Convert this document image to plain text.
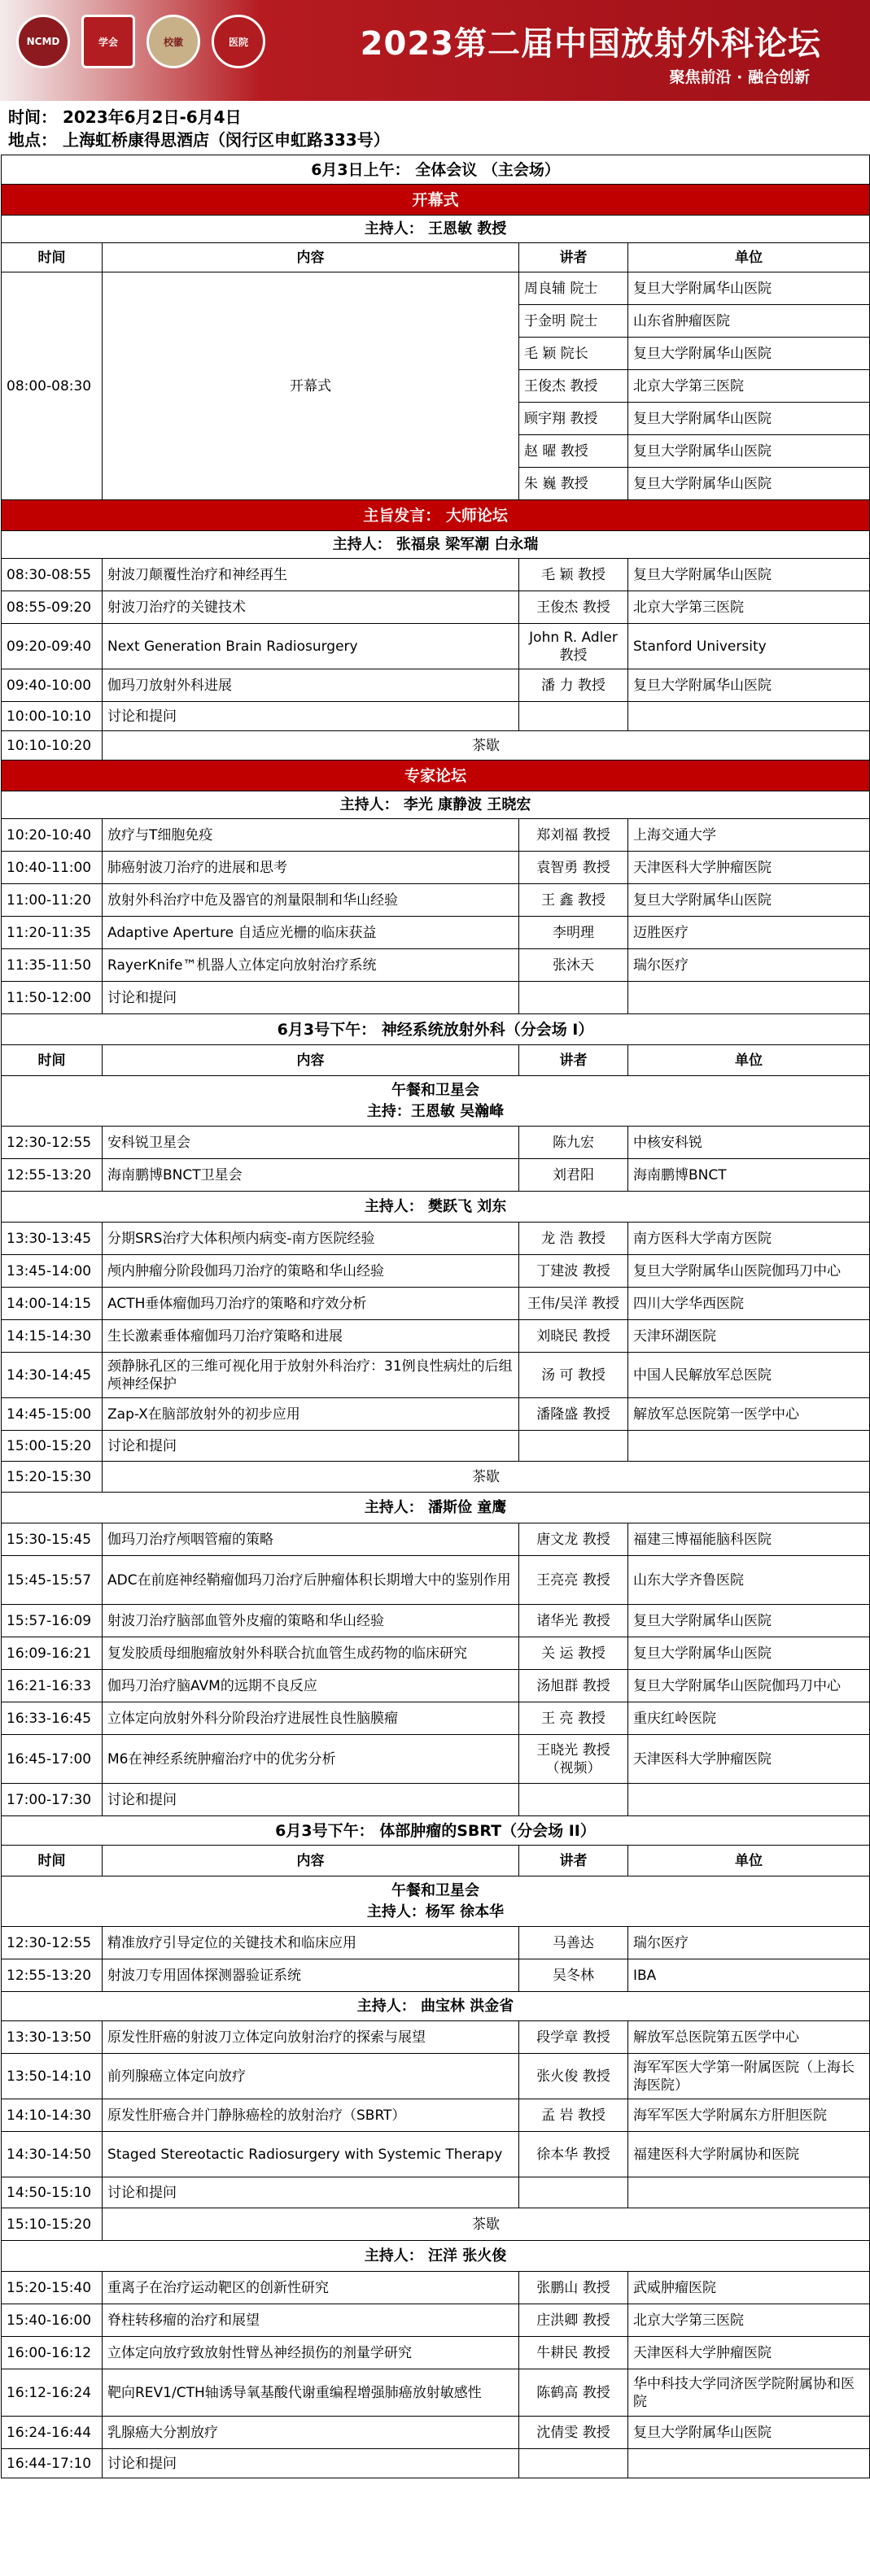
NCMD	学会	校徽	医院	2023第二届中国放射外科论坛
聚焦前沿 · 融合创新
时间： 2023年6月2日-6月4日
地点： 上海虹桥康得思酒店（闵行区申虹路333号）
6月3日上午： 全体会议 （主会场）			
开幕式			
主持人： 王恩敏 教授			
时间	内容	讲者	单位
08:00-08:30	开幕式	周良辅 院士	复旦大学附属华山医院
		于金明 院士	山东省肿瘤医院
		毛 颖 院长	复旦大学附属华山医院
		王俊杰 教授	北京大学第三医院
		顾宇翔 教授	复旦大学附属华山医院
		赵 曜 教授	复旦大学附属华山医院
		朱 巍 教授	复旦大学附属华山医院
主旨发言： 大师论坛			
主持人： 张福泉 梁军潮 白永瑞			
08:30-08:55	射波刀颠覆性治疗和神经再生	毛 颖 教授	复旦大学附属华山医院
08:55-09:20	射波刀治疗的关键技术	王俊杰 教授	北京大学第三医院
09:20-09:40	Next Generation Brain Radiosurgery	John R. Adler 教授	Stanford University
09:40-10:00	伽玛刀放射外科进展	潘 力 教授	复旦大学附属华山医院
10:00-10:10	讨论和提问		
10:10-10:20	茶歇		
专家论坛			
主持人： 李光 康静波 王晓宏			
10:20-10:40	放疗与T细胞免疫	郑刘福 教授	上海交通大学
10:40-11:00	肺癌射波刀治疗的进展和思考	袁智勇 教授	天津医科大学肿瘤医院
11:00-11:20	放射外科治疗中危及器官的剂量限制和华山经验	王 鑫 教授	复旦大学附属华山医院
11:20-11:35	Adaptive Aperture 自适应光栅的临床获益	李明理	迈胜医疗
11:35-11:50	RayerKnife™机器人立体定向放射治疗系统	张沐天	瑞尔医疗
11:50-12:00	讨论和提问		
6月3号下午： 神经系统放射外科（分会场 I）			
时间	内容	讲者	单位

午餐和卫星会
主持：王恩敏 吴瀚峰			

12:30-12:55	安科锐卫星会	陈九宏	中核安科锐
12:55-13:20	海南鹏博BNCT卫星会	刘君阳	海南鹏博BNCT
主持人： 樊跃飞 刘东			
13:30-13:45	分期SRS治疗大体积颅内病变-南方医院经验	龙 浩 教授	南方医科大学南方医院
13:45-14:00	颅内肿瘤分阶段伽玛刀治疗的策略和华山经验	丁建波 教授	复旦大学附属华山医院伽玛刀中心
14:00-14:15	ACTH垂体瘤伽玛刀治疗的策略和疗效分析	王伟/吴洋 教授	四川大学华西医院
14:15-14:30	生长激素垂体瘤伽玛刀治疗策略和进展	刘晓民 教授	天津环湖医院
14:30-14:45	颈静脉孔区的三维可视化用于放射外科治疗：31例良性病灶的后组颅神经保护	汤 可 教授	中国人民解放军总医院
14:45-15:00	Zap-X在脑部放射外的初步应用	潘隆盛 教授	解放军总医院第一医学中心
15:00-15:20	讨论和提问		
15:20-15:30	茶歇		
主持人： 潘斯俭 童鹰			
15:30-15:45	伽玛刀治疗颅咽管瘤的策略	唐文龙 教授	福建三博福能脑科医院
15:45-15:57	ADC在前庭神经鞘瘤伽玛刀治疗后肿瘤体积长期增大中的鉴别作用	王亮亮 教授	山东大学齐鲁医院
15:57-16:09	射波刀治疗脑部血管外皮瘤的策略和华山经验	诸华光 教授	复旦大学附属华山医院
16:09-16:21	复发胶质母细胞瘤放射外科联合抗血管生成药物的临床研究	关 运 教授	复旦大学附属华山医院
16:21-16:33	伽玛刀治疗脑AVM的远期不良反应	汤旭群 教授	复旦大学附属华山医院伽玛刀中心
16:33-16:45	立体定向放射外科分阶段治疗进展性良性脑膜瘤	王 亮 教授	重庆红岭医院
16:45-17:00	M6在神经系统肿瘤治疗中的优劣分析	王晓光 教授（视频）	天津医科大学肿瘤医院
17:00-17:30	讨论和提问		
6月3号下午： 体部肿瘤的SBRT（分会场 II）			
时间	内容	讲者	单位

午餐和卫星会
主持人：杨军 徐本华			

12:30-12:55	精准放疗引导定位的关键技术和临床应用	马善达	瑞尔医疗
12:55-13:20	射波刀专用固体探测器验证系统	吴冬林	IBA
主持人： 曲宝林 洪金省			
13:30-13:50	原发性肝癌的射波刀立体定向放射治疗的探索与展望	段学章 教授	解放军总医院第五医学中心
13:50-14:10	前列腺癌立体定向放疗	张火俊 教授	海军军医大学第一附属医院（上海长海医院）
14:10-14:30	原发性肝癌合并门静脉癌栓的放射治疗（SBRT）	孟 岩 教授	海军军医大学附属东方肝胆医院
14:30-14:50	Staged Stereotactic Radiosurgery with Systemic Therapy	徐本华 教授	福建医科大学附属协和医院
14:50-15:10	讨论和提问		
15:10-15:20	茶歇		
主持人： 汪洋 张火俊			
15:20-15:40	重离子在治疗运动靶区的创新性研究	张鹏山 教授	武威肿瘤医院
15:40-16:00	脊柱转移瘤的治疗和展望	庄洪卿 教授	北京大学第三医院
16:00-16:12	立体定向放疗致放射性臂丛神经损伤的剂量学研究	牛耕民 教授	天津医科大学肿瘤医院
16:12-16:24	靶向REV1/CTH轴诱导氧基酸代谢重编程增强肺癌放射敏感性	陈鹤高 教授	华中科技大学同济医学院附属协和医院
16:24-16:44	乳腺癌大分割放疗	沈倩雯 教授	复旦大学附属华山医院
16:44-17:10	讨论和提问		
